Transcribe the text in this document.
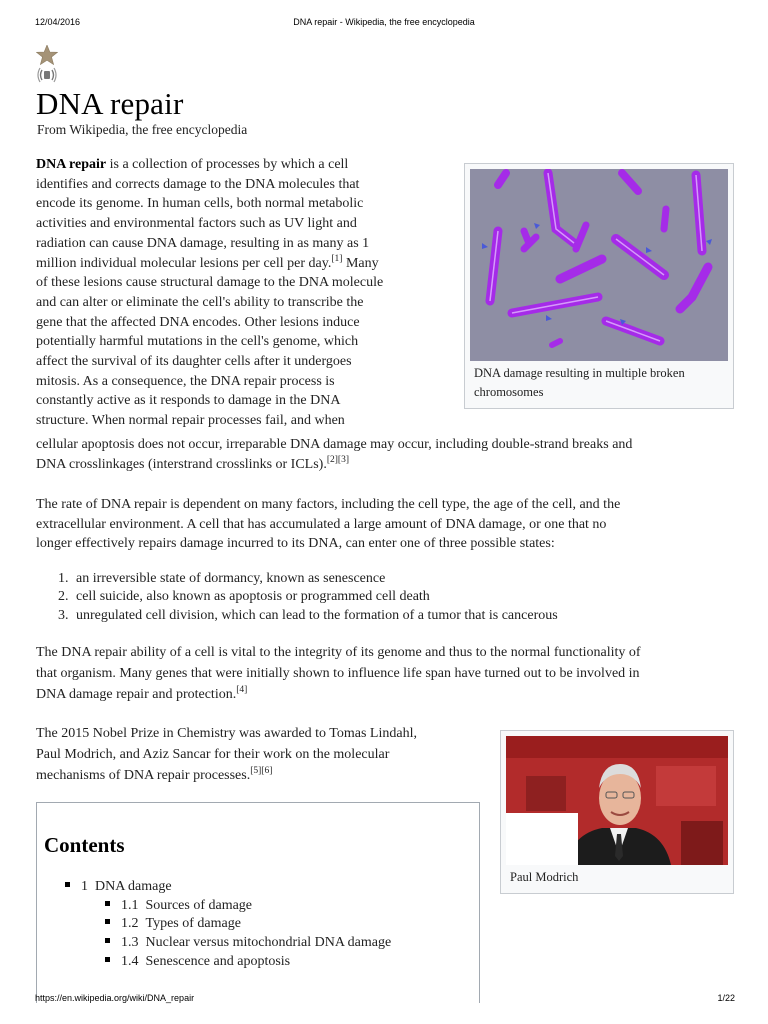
12/04/2016	DNA repair - Wikipedia, the free encyclopedia
DNA repair
From Wikipedia, the free encyclopedia
DNA repair is a collection of processes by which a cell
identifies and corrects damage to the DNA molecules that
encode its genome. In human cells, both normal metabolic
activities and environmental factors such as UV light and
radiation can cause DNA damage, resulting in as many as 1
million individual molecular lesions per cell per day.[1] Many
of these lesions cause structural damage to the DNA molecule
and can alter or eliminate the cell's ability to transcribe the
gene that the affected DNA encodes. Other lesions induce
potentially harmful mutations in the cell's genome, which
affect the survival of its daughter cells after it undergoes
mitosis. As a consequence, the DNA repair process is
constantly active as it responds to damage in the DNA
structure. When normal repair processes fail, and when
cellular apoptosis does not occur, irreparable DNA damage may occur, including double-strand breaks and
DNA crosslinkages (interstrand crosslinks or ICLs).[2][3]
DNA damage resulting in multiple broken chromosomes
The rate of DNA repair is dependent on many factors, including the cell type, the age of the cell, and the
extracellular environment. A cell that has accumulated a large amount of DNA damage, or one that no
longer effectively repairs damage incurred to its DNA, can enter one of three possible states:
1. an irreversible state of dormancy, known as senescence
2. cell suicide, also known as apoptosis or programmed cell death
3. unregulated cell division, which can lead to the formation of a tumor that is cancerous
The DNA repair ability of a cell is vital to the integrity of its genome and thus to the normal functionality of
that organism. Many genes that were initially shown to influence life span have turned out to be involved in
DNA damage repair and protection.[4]
The 2015 Nobel Prize in Chemistry was awarded to Tomas Lindahl,
Paul Modrich, and Aziz Sancar for their work on the molecular
mechanisms of DNA repair processes.[5][6]
Paul Modrich
Contents
1 DNA damage
1.1 Sources of damage
1.2 Types of damage
1.3 Nuclear versus mitochondrial DNA damage
1.4 Senescence and apoptosis
https://en.wikipedia.org/wiki/DNA_repair	1/22
